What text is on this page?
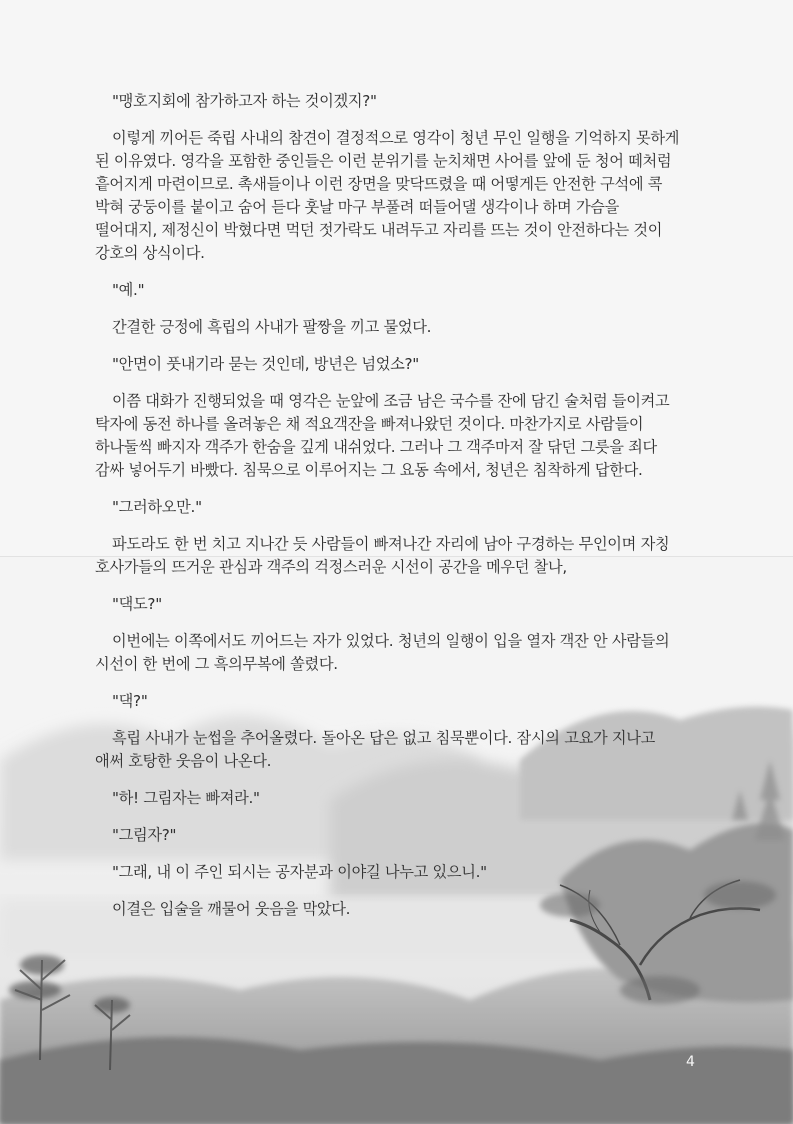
"맹호지회에 참가하고자 하는 것이겠지?"

이렇게 끼어든 죽립 사내의 참견이 결정적으로 영각이 청년 무인 일행을 기억하지 못하게
된 이유였다. 영각을 포함한 중인들은 이런 분위기를 눈치채면 사어를 앞에 둔 청어 떼처럼
흩어지게 마련이므로. 촉새들이나 이런 장면을 맞닥뜨렸을 때 어떻게든 안전한 구석에 콕
박혀 궁둥이를 붙이고 숨어 듣다 훗날 마구 부풀려 떠들어댈 생각이나 하며 가슴을
떨어대지, 제정신이 박혔다면 먹던 젓가락도 내려두고 자리를 뜨는 것이 안전하다는 것이
강호의 상식이다.

"예."

간결한 긍정에 흑립의 사내가 팔짱을 끼고 물었다.

"안면이 풋내기라 묻는 것인데, 방년은 넘었소?"

이쯤 대화가 진행되었을 때 영각은 눈앞에 조금 남은 국수를 잔에 담긴 술처럼 들이켜고
탁자에 동전 하나를 올려놓은 채 적요객잔을 빠져나왔던 것이다. 마찬가지로 사람들이
하나둘씩 빠지자 객주가 한숨을 깊게 내쉬었다. 그러나 그 객주마저 잘 닦던 그릇을 죄다
감싸 넣어두기 바빴다. 침묵으로 이루어지는 그 요동 속에서, 청년은 침착하게 답한다.

"그러하오만."

파도라도 한 번 치고 지나간 듯 사람들이 빠져나간 자리에 남아 구경하는 무인이며 자칭
호사가들의 뜨거운 관심과 객주의 걱정스러운 시선이 공간을 메우던 찰나,

"댁도?"

이번에는 이쪽에서도 끼어드는 자가 있었다. 청년의 일행이 입을 열자 객잔 안 사람들의
시선이 한 번에 그 흑의무복에 쏠렸다.

"댁?"

흑립 사내가 눈썹을 추어올렸다. 돌아온 답은 없고 침묵뿐이다. 잠시의 고요가 지나고
애써 호탕한 웃음이 나온다.

"하! 그림자는 빠져라."

"그림자?"

"그래, 내 이 주인 되시는 공자분과 이야길 나누고 있으니."

이결은 입술을 깨물어 웃음을 막았다.

4
